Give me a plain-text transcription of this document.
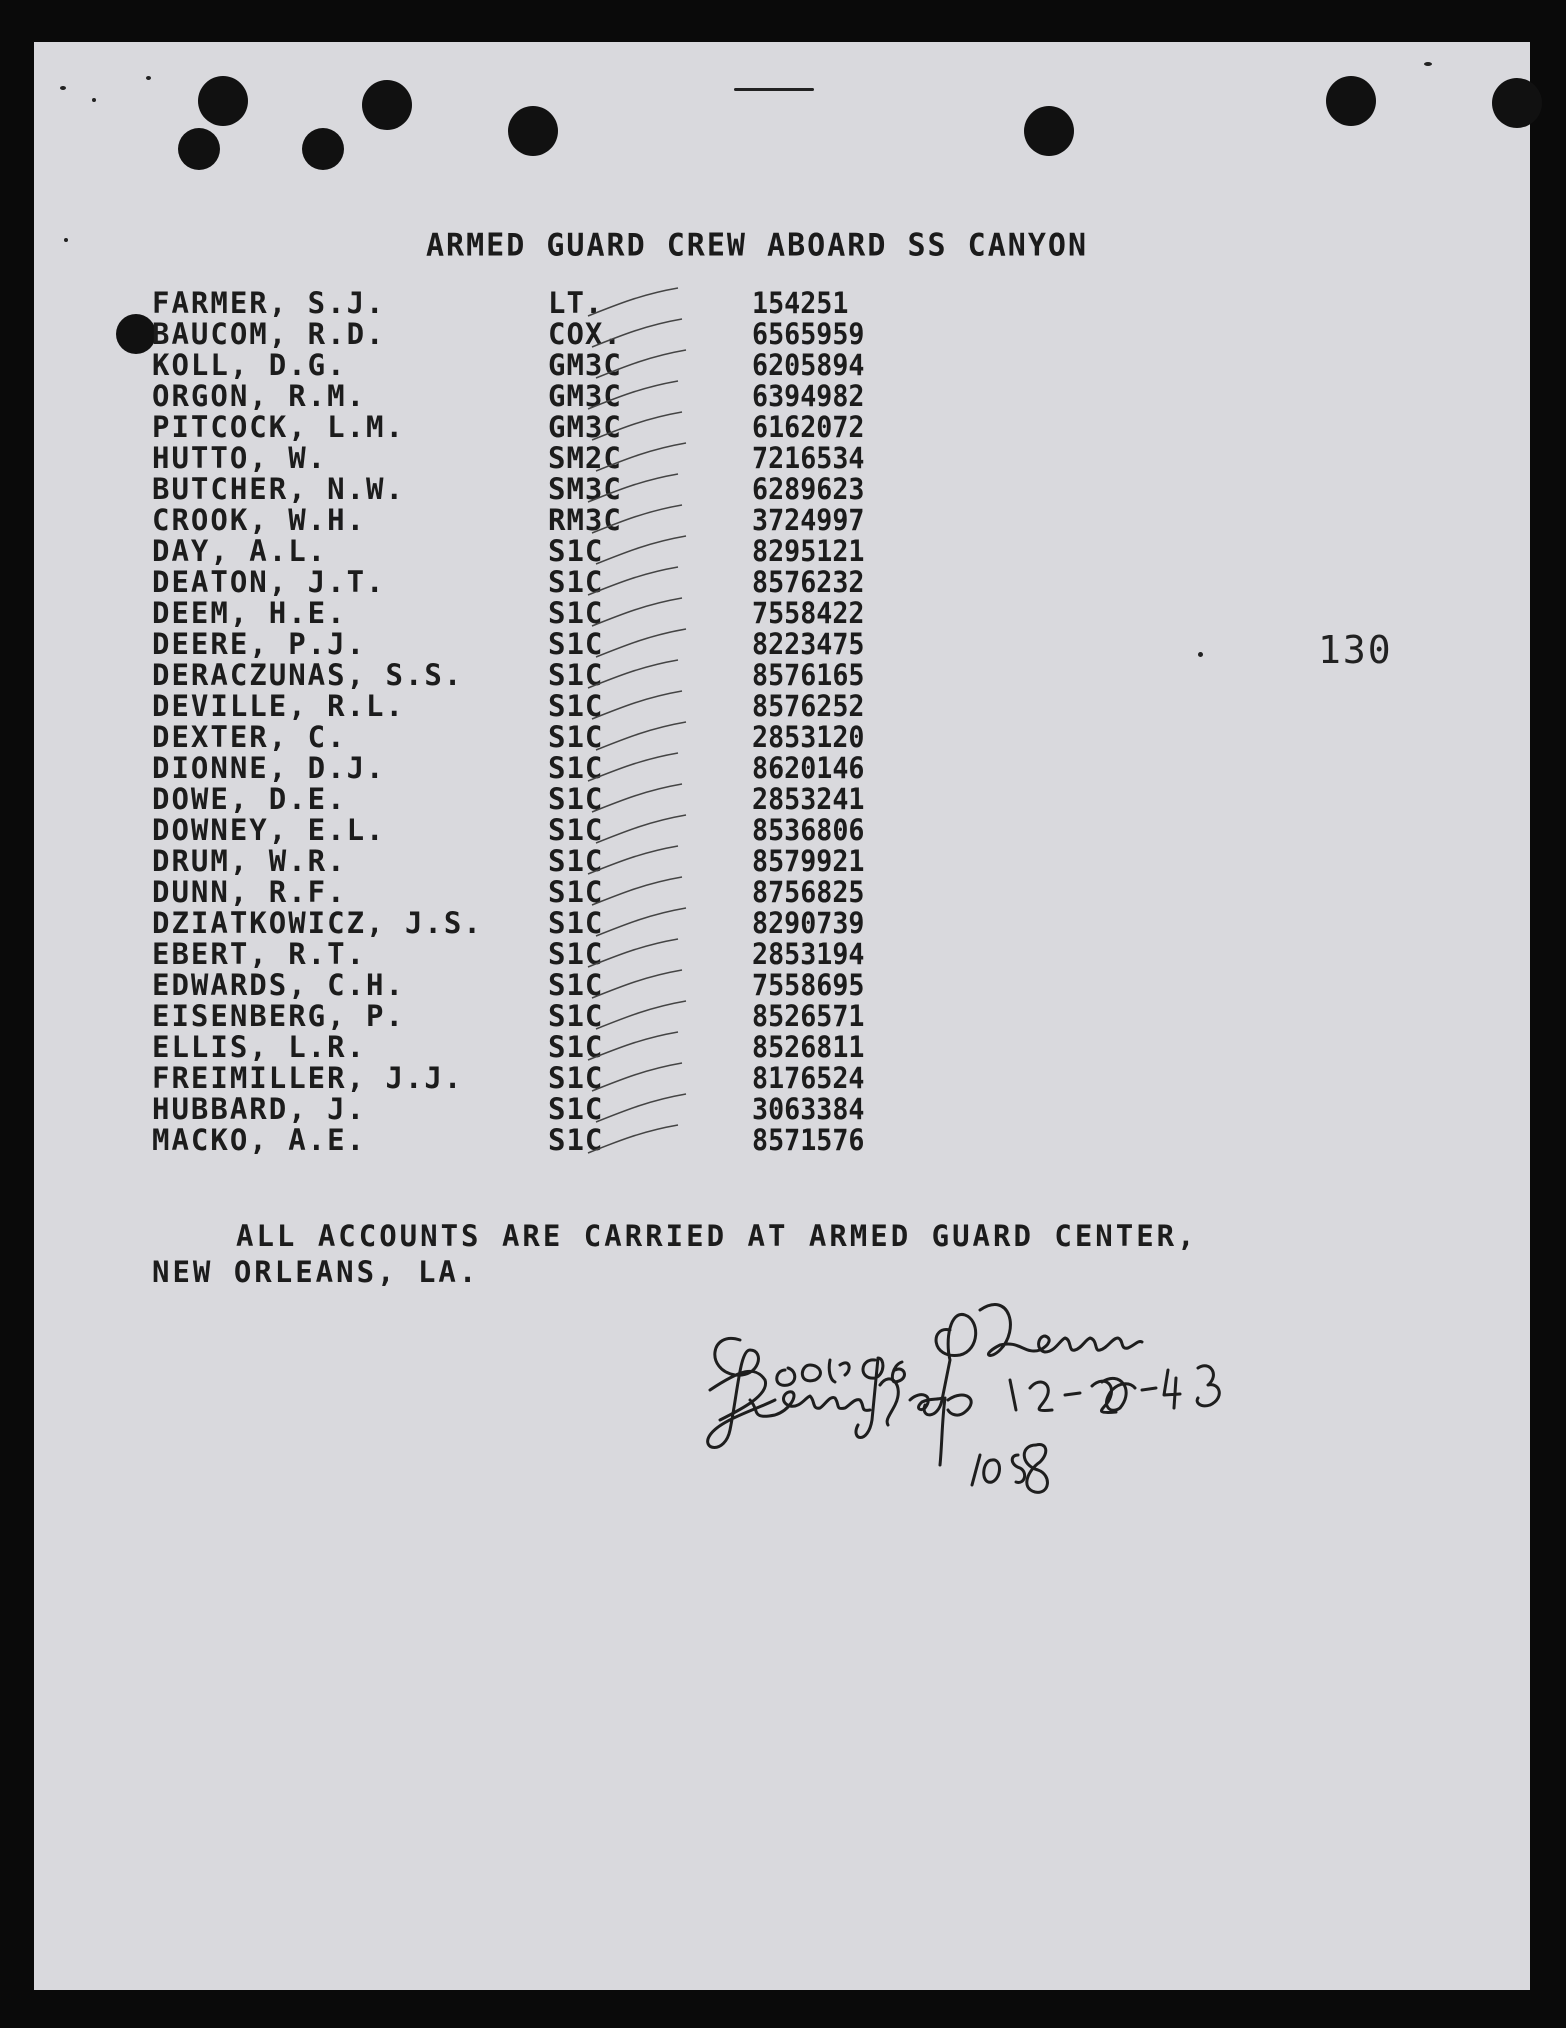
ARMED GUARD CREW ABOARD SS CANYON
FARMER, S.J.	LT.	154251
BAUCOM, R.D.	COX.	6565959
KOLL, D.G.	GM3C	6205894
ORGON, R.M.	GM3C	6394982
PITCOCK, L.M.	GM3C	6162072
HUTTO, W.	SM2C	7216534
BUTCHER, N.W.	SM3C	6289623
CROOK, W.H.	RM3C	3724997
DAY, A.L.	S1C	8295121
DEATON, J.T.	S1C	8576232
DEEM, H.E.	S1C	7558422
DEERE, P.J.	S1C	8223475
DERACZUNAS, S.S.	S1C	8576165
DEVILLE, R.L.	S1C	8576252
DEXTER, C.	S1C	2853120
DIONNE, D.J.	S1C	8620146
DOWE, D.E.	S1C	2853241
DOWNEY, E.L.	S1C	8536806
DRUM, W.R.	S1C	8579921
DUNN, R.F.	S1C	8756825
DZIATKOWICZ, J.S. S1C	8290739
EBERT, R.T.	S1C	2853194
EDWARDS, C.H.	S1C	7558695
EISENBERG, P.	S1C	8526571
ELLIS, L.R.	S1C	8526811
FREIMILLER, J.J.	S1C	8176524
HUBBARD, J.	S1C	3063384
MACKO, A.E.	S1C	8571576
130
ALL ACCOUNTS ARE CARRIED AT ARMED GUARD CENTER,
NEW ORLEANS, LA.
